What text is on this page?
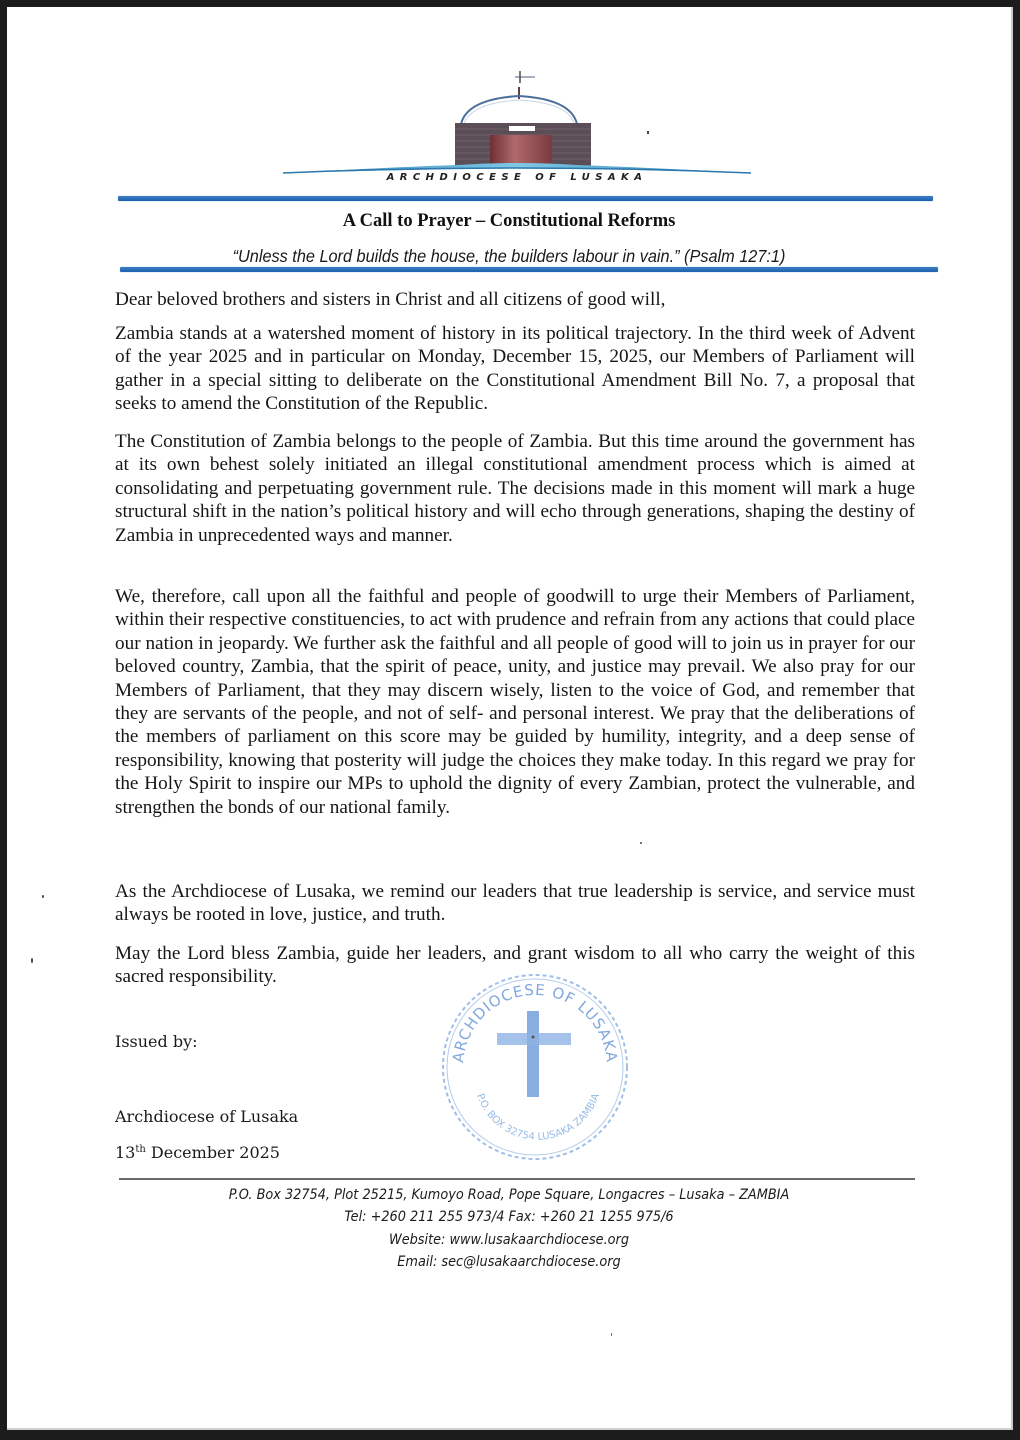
ARCHDIOCESE OF LUSAKA
A Call to Prayer – Constitutional Reforms
“Unless the Lord builds the house, the builders labour in vain.” (Psalm 127:1)

Dear beloved brothers and sisters in Christ and all citizens of good will,

Zambia stands at a watershed moment of history in its political trajectory. In the third week of Advent of the year 2025 and in particular on Monday, December 15, 2025, our Members of Parliament will gather in a special sitting to deliberate on the Constitutional Amendment Bill No. 7, a proposal that seeks to amend the Constitution of the Republic.

The Constitution of Zambia belongs to the people of Zambia. But this time around the government has at its own behest solely initiated an illegal constitutional amendment process which is aimed at consolidating and perpetuating government rule. The decisions made in this moment will mark a huge structural shift in the nation’s political history and will echo through generations, shaping the destiny of Zambia in unprecedented ways and manner.

We, therefore, call upon all the faithful and people of goodwill to urge their Members of Parliament, within their respective constituencies, to act with prudence and refrain from any actions that could place our nation in jeopardy. We further ask the faithful and all people of good will to join us in prayer for our beloved country, Zambia, that the spirit of peace, unity, and justice may prevail. We also pray for our Members of Parliament, that they may discern wisely, listen to the voice of God, and remember that they are servants of the people, and not of self- and personal interest. We pray that the deliberations of the members of parliament on this score may be guided by humility, integrity, and a deep sense of responsibility, knowing that posterity will judge the choices they make today. In this regard we pray for the Holy Spirit to inspire our MPs to uphold the dignity of every Zambian, protect the vulnerable, and strengthen the bonds of our national family.

As the Archdiocese of Lusaka, we remind our leaders that true leadership is service, and service must always be rooted in love, justice, and truth.

May the Lord bless Zambia, guide her leaders, and grant wisdom to all who carry the weight of this sacred responsibility.

Issued by:
Archdiocese of Lusaka
13th December 2025
ARCHDIOCESE OF LUSAKA
P.O. BOX 32754 LUSAKA ZAMBIA
P.O. Box 32754, Plot 25215, Kumoyo Road, Pope Square, Longacres – Lusaka – ZAMBIA
Tel: +260 211 255 973/4 Fax: +260 21 1255 975/6
Website: www.lusakaarchdiocese.org
Email: sec@lusakaarchdiocese.org
